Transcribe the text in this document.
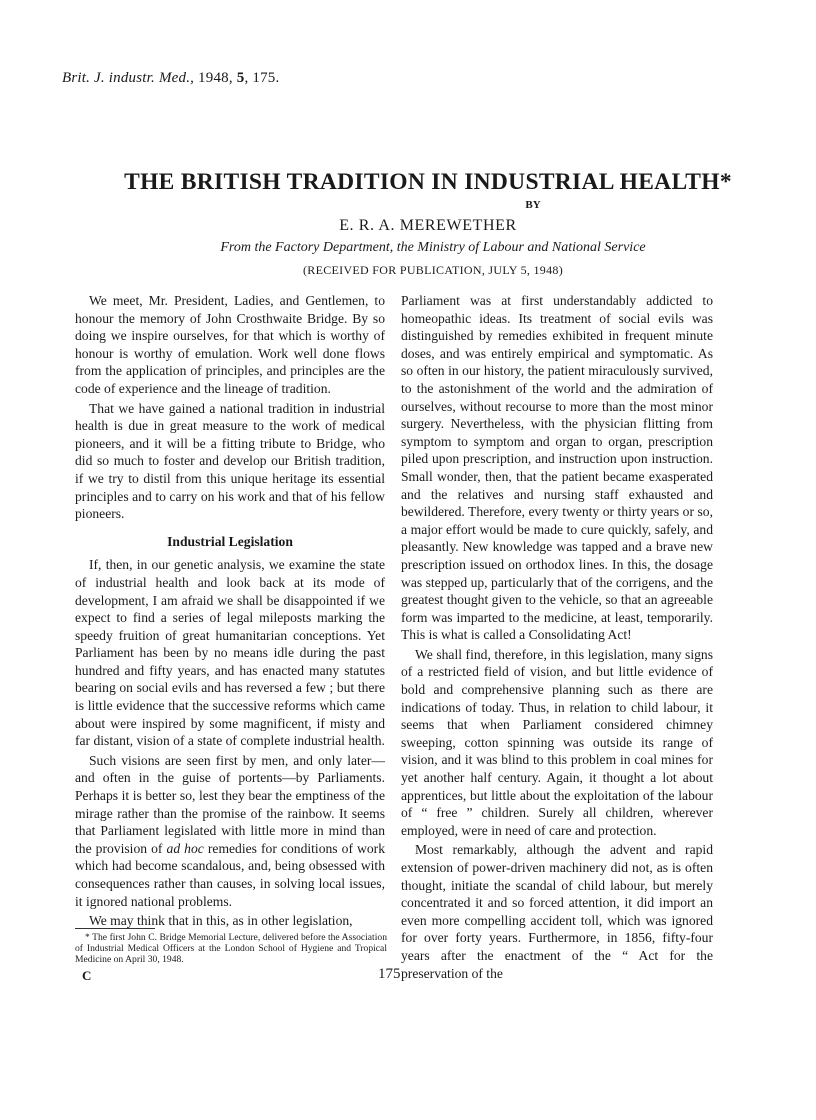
Brit. J. industr. Med., 1948, 5, 175.
THE BRITISH TRADITION IN INDUSTRIAL HEALTH*
BY
E. R. A. MEREWETHER
From the Factory Department, the Ministry of Labour and National Service
(RECEIVED FOR PUBLICATION, JULY 5, 1948)

We meet, Mr. President, Ladies, and Gentlemen, to honour the memory of John Crosthwaite Bridge. By so doing we inspire ourselves, for that which is worthy of honour is worthy of emulation. Work well done flows from the application of principles, and principles are the code of experience and the lineage of tradition.

That we have gained a national tradition in industrial health is due in great measure to the work of medical pioneers, and it will be a fitting tribute to Bridge, who did so much to foster and develop our British tradition, if we try to distil from this unique heritage its essential principles and to carry on his work and that of his fellow pioneers.

Industrial Legislation

If, then, in our genetic analysis, we examine the state of industrial health and look back at its mode of development, I am afraid we shall be disappointed if we expect to find a series of legal mileposts marking the speedy fruition of great humanitarian conceptions. Yet Parliament has been by no means idle during the past hundred and fifty years, and has enacted many statutes bearing on social evils and has reversed a few ; but there is little evidence that the successive reforms which came about were inspired by some magnificent, if misty and far distant, vision of a state of complete industrial health.

Such visions are seen first by men, and only later—and often in the guise of portents—by Parliaments. Perhaps it is better so, lest they bear the emptiness of the mirage rather than the promise of the rainbow. It seems that Parliament legislated with little more in mind than the provision of ad hoc remedies for conditions of work which had become scandalous, and, being obsessed with consequences rather than causes, in solving local issues, it ignored national problems.

We may think that in this, as in other legislation,

Parliament was at first understandably addicted to homeopathic ideas. Its treatment of social evils was distinguished by remedies exhibited in frequent minute doses, and was entirely empirical and symptomatic. As so often in our history, the patient miraculously survived, to the astonishment of the world and the admiration of ourselves, without recourse to more than the most minor surgery. Nevertheless, with the physician flitting from symptom to symptom and organ to organ, prescription piled upon prescription, and instruction upon instruction. Small wonder, then, that the patient became exasperated and the relatives and nursing staff exhausted and bewildered. Therefore, every twenty or thirty years or so, a major effort would be made to cure quickly, safely, and pleasantly. New knowledge was tapped and a brave new prescription issued on orthodox lines. In this, the dosage was stepped up, particularly that of the corrigens, and the greatest thought given to the vehicle, so that an agreeable form was imparted to the medicine, at least, temporarily. This is what is called a Consolidating Act!

We shall find, therefore, in this legislation, many signs of a restricted field of vision, and but little evidence of bold and comprehensive planning such as there are indications of today. Thus, in relation to child labour, it seems that when Parliament considered chimney sweeping, cotton spinning was outside its range of vision, and it was blind to this problem in coal mines for yet another half century. Again, it thought a lot about apprentices, but little about the exploitation of the labour of “ free ” children. Surely all children, wherever employed, were in need of care and protection.

Most remarkably, although the advent and rapid extension of power-driven machinery did not, as is often thought, initiate the scandal of child labour, but merely concentrated it and so forced attention, it did import an even more compelling accident toll, which was ignored for over forty years. Furthermore, in 1856, fifty-four years after the enactment of the “ Act for the preservation of the

* The first John C. Bridge Memorial Lecture, delivered before the Association of Industrial Medical Officers at the London School of Hygiene and Tropical Medicine on April 30, 1948.
C	175
